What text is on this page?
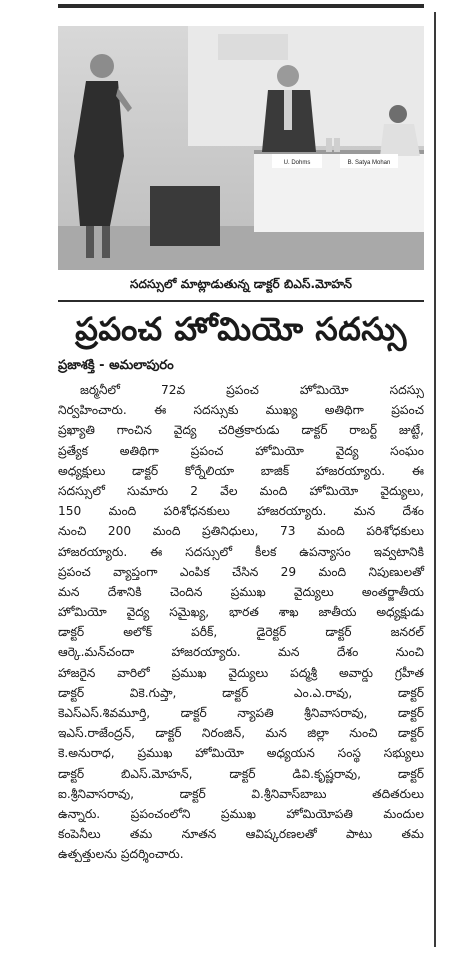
U. Dohms	B. Satya Mohan
సదస్సులో మాట్లాడుతున్న డాక్టర్ బిఎస్.మోహన్
ప్రపంచ హోమియో సదస్సు
ప్రజాశక్తి - అమలాపురం
జర్మనీలో	72వ	ప్రపంచ	హోమియో	సదస్సు
నిర్వహించారు. ఈ సదస్సుకు ముఖ్య అతిథిగా ప్రపంచ
ప్రఖ్యాతి గాంచిన వైద్య చరిత్రకారుడు డాక్టర్ రాబర్ట్ జుట్టే,
ప్రత్యేక	అతిథిగా	ప్రపంచ	హోమియో	వైద్య	సంఘం
అధ్యక్షులు డాక్టర్ కోర్నేలియా బాజిక్ హాజరయ్యారు. ఈ
సదస్సులో సుమారు 2 వేల మంది హోమియో వైద్యులు,
150 మంది పరిశోధనకులు హాజరయ్యారు. మన దేశం
నుంచి 200 మంది ప్రతినిధులు, 73 మంది పరిశోధకులు
హాజరయ్యారు. ఈ సదస్సులో కీలక ఉపన్యాసం ఇవ్వటానికి
ప్రపంచ వ్యాప్తంగా ఎంపిక చేసిన 29 మంది నిపుణులతో
మన దేశానికి చెందిన ప్రముఖ వైద్యులు అంతర్జాతీయ
హోమియో వైద్య సమైఖ్య, భారత శాఖ జాతీయ అధ్యక్షుడు
డాక్టర్	అలోక్	పరీక్,	డైరెక్టర్	డాక్టర్	జనరల్
ఆర్కె.మన్‌చందా	హాజరయ్యారు.	మన	దేశం	నుంచి
హాజరైన వారిలో ప్రముఖ వైద్యులు పద్మశ్రీ అవార్డు గ్రహీత
డాక్టర్	వికె.గుప్తా,	డాక్టర్	ఎం.ఎ.రావు,	డాక్టర్
కెఎస్ఎస్.శివమూర్తి, డాక్టర్ న్యాపతి శ్రీనివాసరావు, డాక్టర్
ఇఎస్.రాజేంద్రన్, డాక్టర్ నిరంజిన్, మన జిల్లా నుంచి డాక్టర్
కె.అనురాధ, ప్రముఖ హోమియో అధ్యయన సంస్థ సభ్యులు
డాక్టర్	బిఎస్.మోహన్,	డాక్టర్	డివి.కృష్ణరావు,	డాక్టర్
ఐ.శ్రీనివాసరావు,	డాక్టర్	వి.శ్రీనివాస్‌బాబు	తదితరులు
ఉన్నారు.	ప్రపంచంలోని	ప్రముఖ	హోమియోపతి	మందుల
కంపెనీలు తమ నూతన ఆవిష్కరణలతో పాటు తమ
ఉత్పత్తులను ప్రదర్శించారు.
